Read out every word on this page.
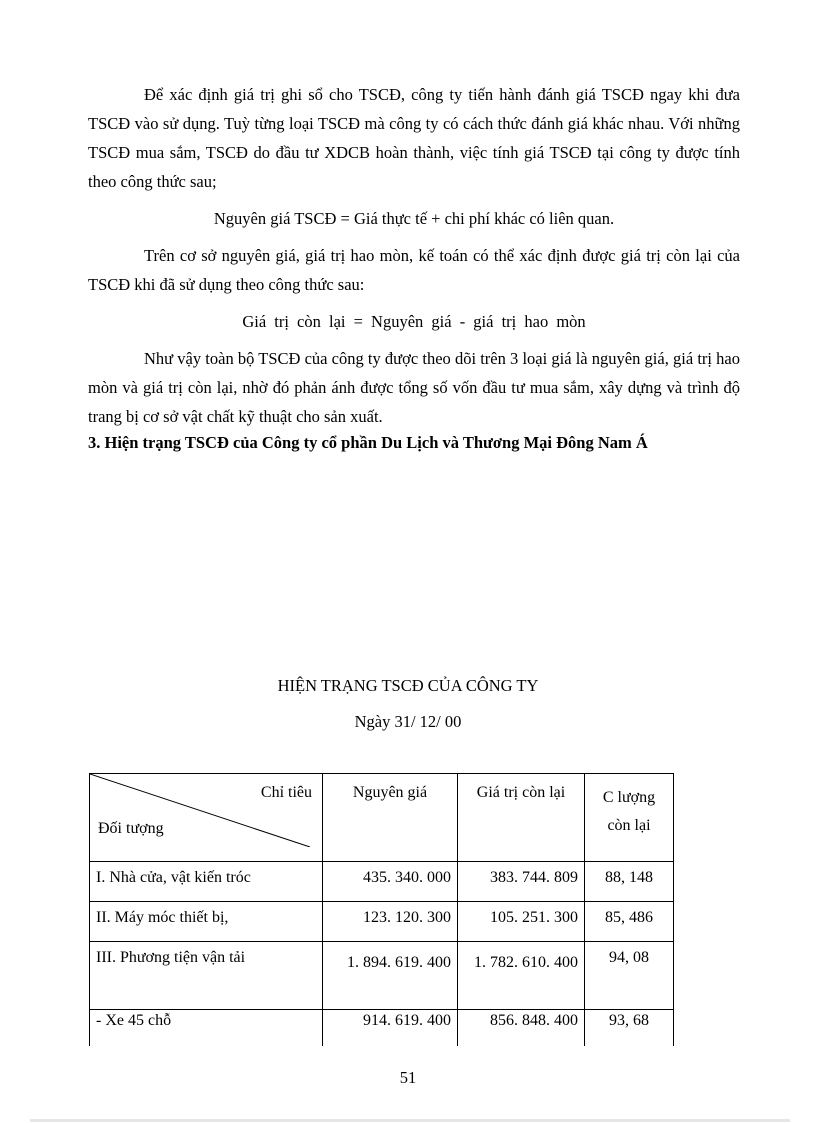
Để xác định giá trị ghi sổ cho TSCĐ, công ty tiến hành đánh giá TSCĐ ngay khi đưa TSCĐ vào sử dụng. Tuỳ từng loại TSCĐ mà công ty có cách thức đánh giá khác nhau. Với những TSCĐ mua sắm, TSCĐ do đầu tư XDCB hoàn thành, việc tính giá TSCĐ tại công ty được tính theo công thức sau;

Nguyên giá TSCĐ = Giá thực tế + chi phí khác có liên quan.

Trên cơ sở nguyên giá, giá trị hao mòn, kế toán có thể xác định được giá trị còn lại của TSCĐ khi đã sử dụng theo công thức sau:

Giá trị còn lại = Nguyên giá - giá trị hao mòn

Như vậy toàn bộ TSCĐ của công ty được theo dõi trên 3 loại giá là nguyên giá, giá trị hao mòn và giá trị còn lại, nhờ đó phản ánh được tổng số vốn đầu tư mua sắm, xây dựng và trình độ trang bị cơ sở vật chất kỹ thuật cho sản xuất.

3. Hiện trạng TSCĐ của Công ty cổ phần Du Lịch và Thương Mại Đông Nam Á
HIỆN TRẠNG TSCĐ CỦA CÔNG TY
Ngày 31/ 12/ 00
Chỉ tiêu
Đối tượng	Nguyên giá	Giá trị còn lại	C lượng còn lại
I. Nhà cửa, vật kiến tróc	435. 340. 000	383. 744. 809	88, 148
II. Máy móc thiết bị,	123. 120. 300	105. 251. 300	85, 486
III. Phương tiện vận tải	1. 894. 619. 400	1. 782. 610. 400	94, 08
- Xe 45 chỗ	914. 619. 400	856. 848. 400	93, 68
51
